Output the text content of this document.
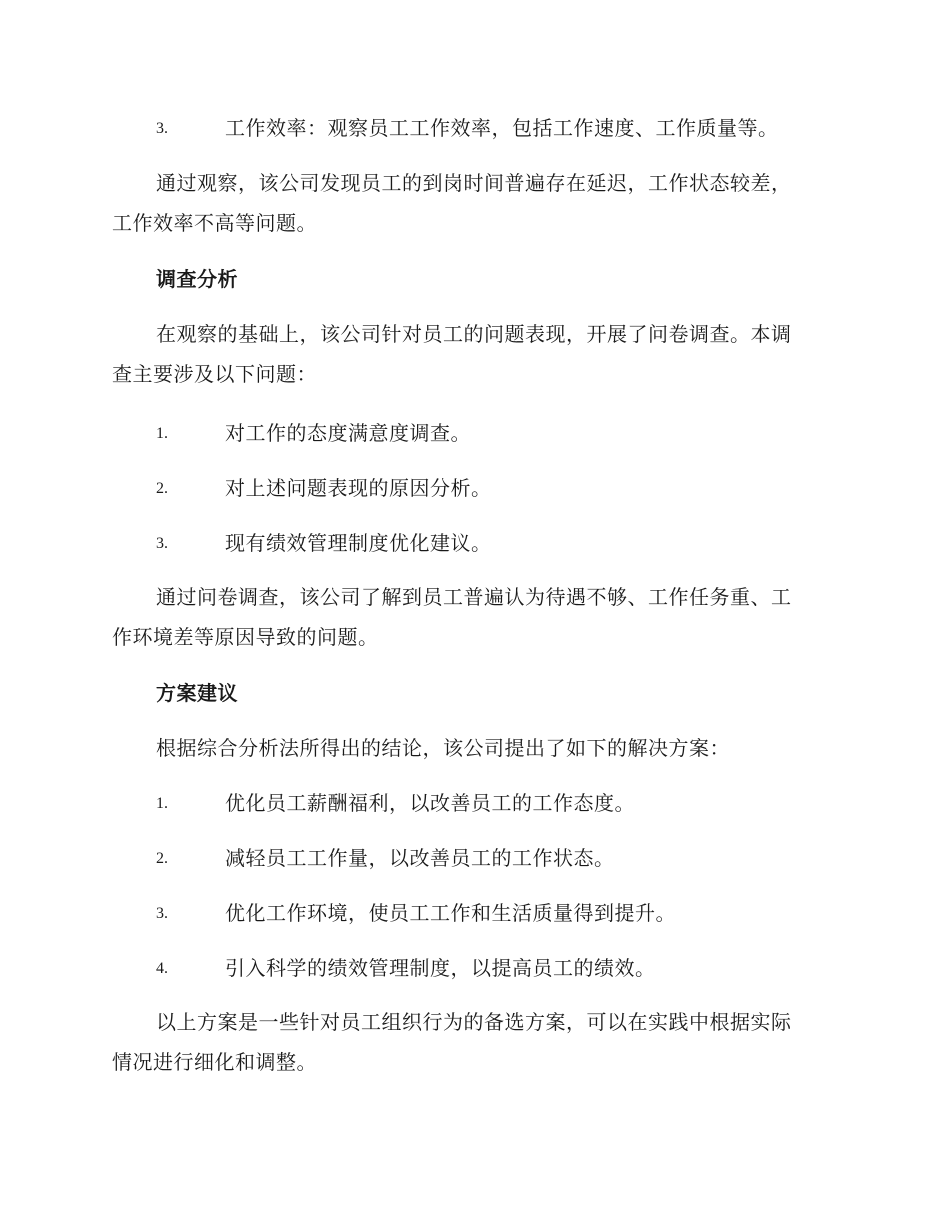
3.	工作效率：观察员工工作效率，包括工作速度、工作质量等。
通过观察，该公司发现员工的到岗时间普遍存在延迟，工作状态较差，
工作效率不高等问题。
调查分析
在观察的基础上，该公司针对员工的问题表现，开展了问卷调查。本调
查主要涉及以下问题：
1.	对工作的态度满意度调查。
2.	对上述问题表现的原因分析。
3.	现有绩效管理制度优化建议。
通过问卷调查，该公司了解到员工普遍认为待遇不够、工作任务重、工
作环境差等原因导致的问题。
方案建议
根据综合分析法所得出的结论，该公司提出了如下的解决方案：
1.	优化员工薪酬福利，以改善员工的工作态度。
2.	减轻员工工作量，以改善员工的工作状态。
3.	优化工作环境，使员工工作和生活质量得到提升。
4.	引入科学的绩效管理制度，以提高员工的绩效。
以上方案是一些针对员工组织行为的备选方案，可以在实践中根据实际
情况进行细化和调整。
